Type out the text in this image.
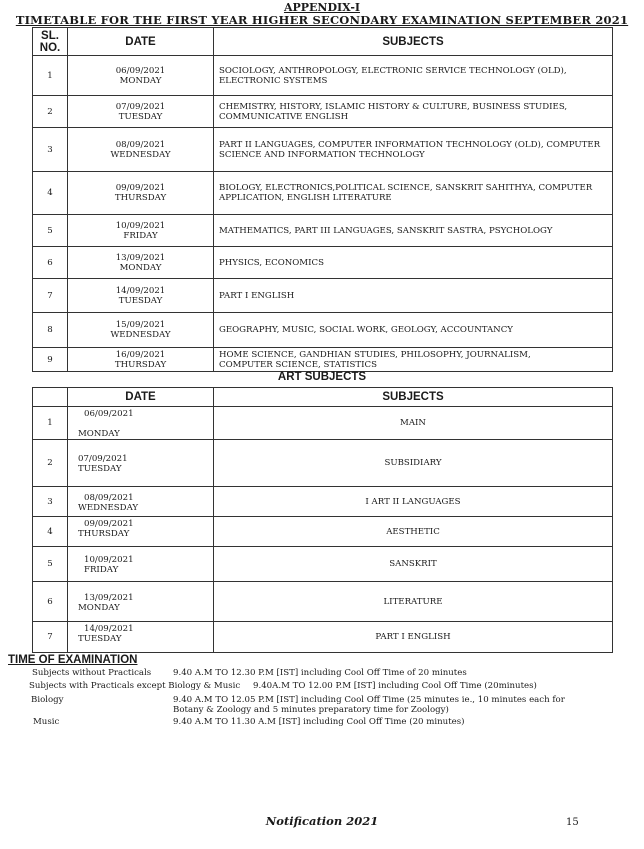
APPENDIX-I
TIMETABLE FOR THE FIRST YEAR HIGHER SECONDARY EXAMINATION SEPTEMBER 2021
SL.
NO.	DATE	SUBJECTS
1	06/09/2021
MONDAY	SOCIOLOGY, ANTHROPOLOGY, ELECTRONIC SERVICE TECHNOLOGY (OLD),
ELECTRONIC SYSTEMS
2	07/09/2021
TUESDAY	CHEMISTRY, HISTORY, ISLAMIC HISTORY & CULTURE, BUSINESS STUDIES,
COMMUNICATIVE ENGLISH
3	08/09/2021
WEDNESDAY	PART II LANGUAGES, COMPUTER INFORMATION TECHNOLOGY (OLD), COMPUTER
SCIENCE AND INFORMATION TECHNOLOGY
4	09/09/2021
THURSDAY	BIOLOGY, ELECTRONICS,POLITICAL SCIENCE, SANSKRIT SAHITHYA, COMPUTER
APPLICATION, ENGLISH LITERATURE
5	10/09/2021
FRIDAY	MATHEMATICS, PART III LANGUAGES, SANSKRIT SASTRA, PSYCHOLOGY
6	13/09/2021
MONDAY	PHYSICS, ECONOMICS
7	14/09/2021
TUESDAY	PART I ENGLISH
8	15/09/2021
WEDNESDAY	GEOGRAPHY, MUSIC, SOCIAL WORK, GEOLOGY, ACCOUNTANCY
9	16/09/2021
THURSDAY	HOME SCIENCE, GANDHIAN STUDIES, PHILOSOPHY, JOURNALISM,
COMPUTER SCIENCE, STATISTICS
ART SUBJECTS
	DATE	SUBJECTS
1	06/09/2021

MONDAY	MAIN
2	07/09/2021
TUESDAY	SUBSIDIARY
3	08/09/2021
WEDNESDAY	I ART II LANGUAGES
4	09/09/2021
THURSDAY	AESTHETIC
5	10/09/2021
FRIDAY	SANSKRIT
6	13/09/2021
MONDAY	LITERATURE
7	14/09/2021
TUESDAY	PART I ENGLISH
TIME OF EXAMINATION
Subjects without Practicals	9.40 A.M TO 12.30 P.M [IST] including Cool Off Time of 20 minutes
Subjects with Practicals except Biology & Music 9.40A.M TO 12.00 P.M [IST] including Cool Off Time (20minutes)
Biology	9.40 A.M TO 12.05 P.M [IST] including Cool Off Time (25 minutes ie., 10 minutes each for
Botany & Zoology and 5 minutes preparatory time for Zoology)
Music	9.40 A.M TO 11.30 A.M [IST] including Cool Off Time (20 minutes)
Notification 2021	15
